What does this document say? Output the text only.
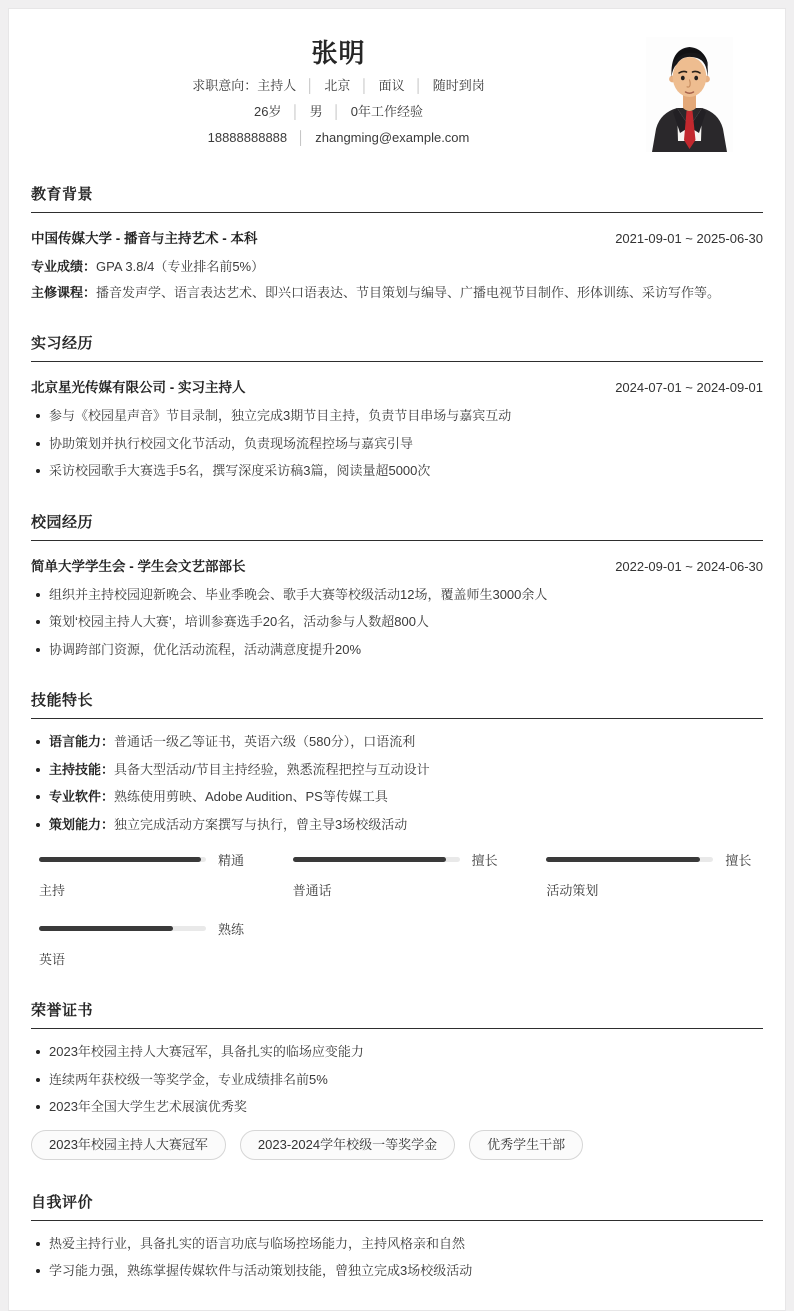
张明
求职意向：主持人 │ 北京 │ 面议 │ 随时到岗
26岁 │ 男 │ 0年工作经验
18888888888 │ zhangming@example.com
教育背景
中国传媒大学 - 播音与主持艺术 - 本科	2021-09-01 ~ 2025-06-30
专业成绩：GPA 3.8/4（专业排名前5%）
主修课程：播音发声学、语言表达艺术、即兴口语表达、节目策划与编导、广播电视节目制作、形体训练、采访写作等。
实习经历
北京星光传媒有限公司 - 实习主持人	2024-07-01 ~ 2024-09-01
参与《校园星声音》节目录制，独立完成3期节目主持，负责节目串场与嘉宾互动
协助策划并执行校园文化节活动，负责现场流程控场与嘉宾引导
采访校园歌手大赛选手5名，撰写深度采访稿3篇，阅读量超5000次
校园经历
简单大学学生会 - 学生会文艺部部长	2022-09-01 ~ 2024-06-30
组织并主持校园迎新晚会、毕业季晚会、歌手大赛等校级活动12场，覆盖师生3000余人
策划‘校园主持人大赛’，培训参赛选手20名，活动参与人数超800人
协调跨部门资源，优化活动流程，活动满意度提升20%
技能特长
语言能力：普通话一级乙等证书，英语六级（580分），口语流利
主持技能：具备大型活动/节目主持经验，熟悉流程把控与互动设计
专业软件：熟练使用剪映、Adobe Audition、PS等传媒工具
策划能力：独立完成活动方案撰写与执行，曾主导3场校级活动
精通
主持
擅长
普通话
擅长
活动策划
熟练
英语
荣誉证书
2023年校园主持人大赛冠军，具备扎实的临场应变能力
连续两年获校级一等奖学金，专业成绩排名前5%
2023年全国大学生艺术展演优秀奖
2023年校园主持人大赛冠军	2023-2024学年校级一等奖学金	优秀学生干部
自我评价
热爱主持行业，具备扎实的语言功底与临场控场能力，主持风格亲和自然
学习能力强，熟练掌握传媒软件与活动策划技能，曾独立完成3场校级活动
